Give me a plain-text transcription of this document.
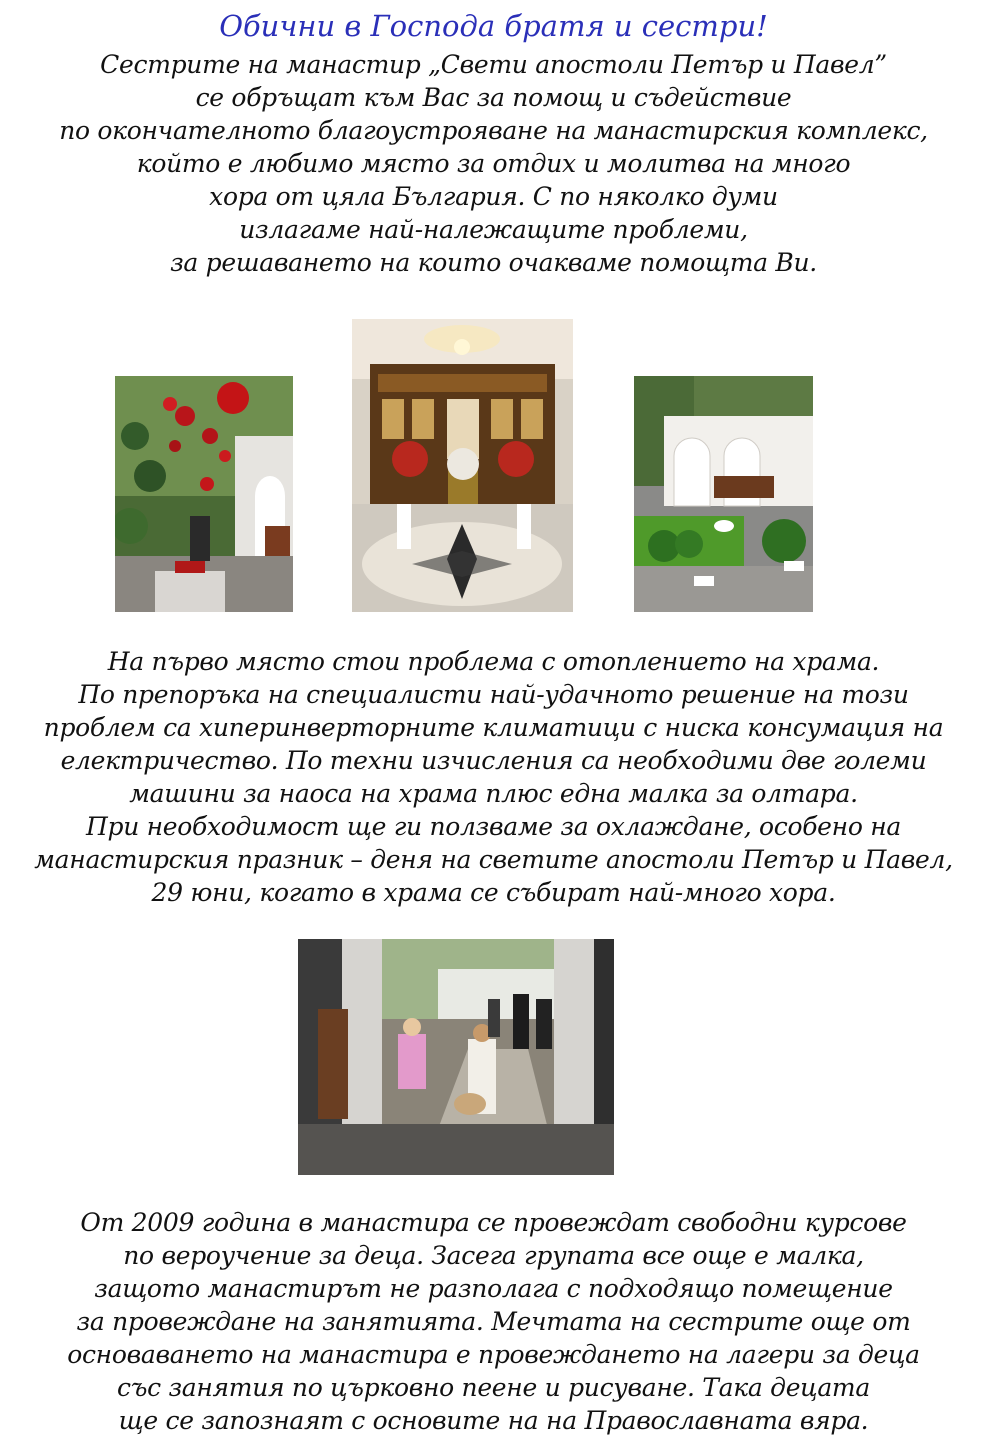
Обични в Господа братя и сестри!
Сестрите на манастир „Свети апостоли Петър и Павел”
се обръщат към Вас за помощ и съдействие
по окончателното благоустрояване на манастирския комплекс,
който е любимо място за отдих и молитва на много
хора от цяла България. С по няколко думи
излагаме най-належащите проблеми,
за решаването на които очакваме помощта Ви.
На първо място стои проблема с отоплението на храма.
По препоръка на специалисти най-удачното решение на този
проблем са хиперинверторните климатици с ниска консумация на
електричество. По техни изчисления са необходими две големи
машини за наоса на храма плюс една малка за олтара.
При необходимост ще ги ползваме за охлаждане, особено на
манастирския празник – деня на светите апостоли Петър и Павел,
29 юни, когато в храма се събират най-много хора.
От 2009 година в манастира се провеждат свободни курсове
по вероучение за деца. Засега групата все още е малка,
защото манастирът не разполага с подходящо помещение
за провеждане на занятията. Мечтата на сестрите още от
основаването на манастира е провеждането на лагери за деца
със занятия по църковно пеене и рисуване. Така децата
ще се запознаят с основите на на Православната вяра.
